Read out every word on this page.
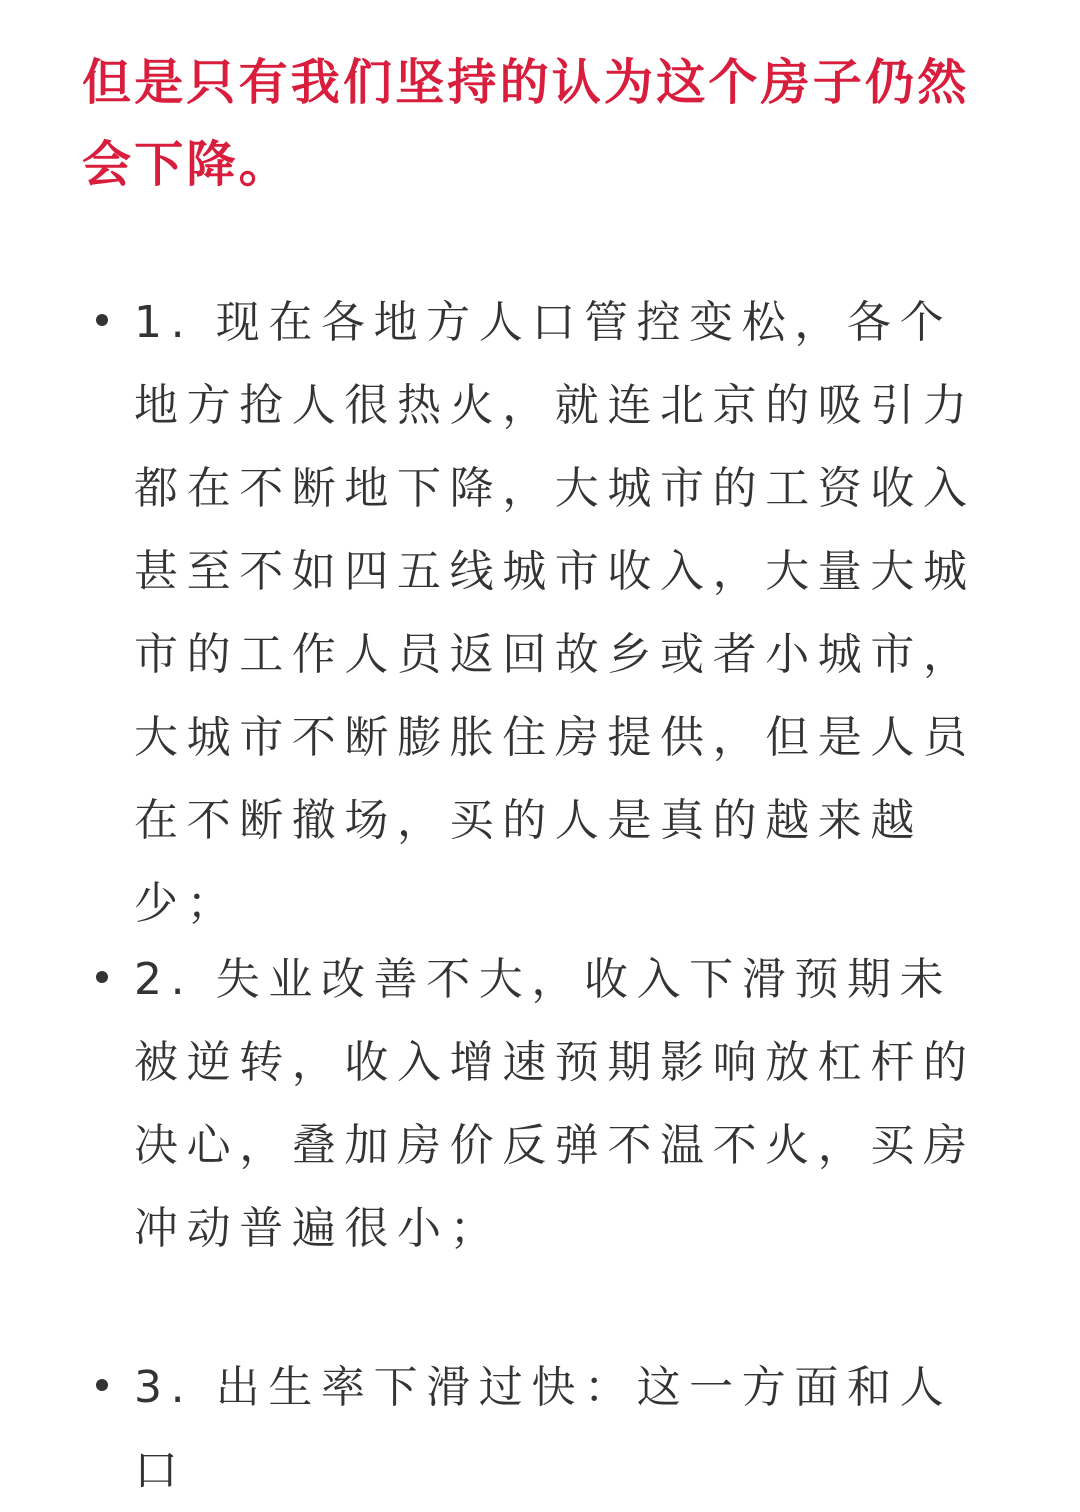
但是只有我们坚持的认为这个房子仍然会下降。

1. 现在各地方人口管控变松，各个地方抢人很热火，就连北京的吸引力都在不断地下降，大城市的工资收入甚至不如四五线城市收入，大量大城市的工作人员返回故乡或者小城市，大城市不断膨胀住房提供，但是人员在不断撤场，买的人是真的越来越少；

2. 失业改善不大，收入下滑预期未被逆转，收入增速预期影响放杠杆的决心，叠加房价反弹不温不火，买房冲动普遍很小；

3. 出生率下滑过快：这一方面和人口
